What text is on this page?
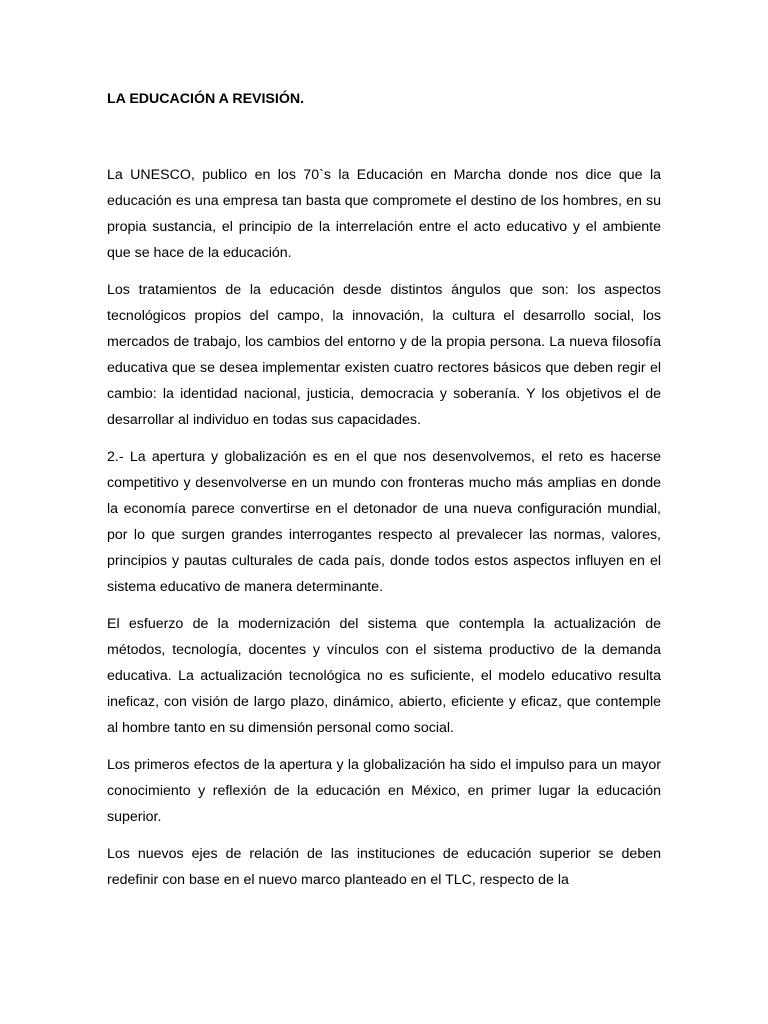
LA EDUCACIÓN A REVISIÓN.

La UNESCO, publico en los 70`s la Educación en Marcha donde nos dice que la educación es una empresa tan basta que compromete el destino de los hombres, en su propia sustancia, el principio de la interrelación entre el acto educativo y el ambiente que se hace de la educación.

Los tratamientos de la educación desde distintos ángulos que son: los aspectos tecnológicos propios del campo, la innovación, la cultura el desarrollo social, los mercados de trabajo, los cambios del entorno y de la propia persona. La nueva filosofía educativa que se desea implementar existen cuatro rectores básicos que deben regir el cambio: la identidad nacional, justicia, democracia y soberanía. Y los objetivos el de desarrollar al individuo en todas sus capacidades.

2.- La apertura y globalización es en el que nos desenvolvemos, el reto es hacerse competitivo y desenvolverse en un mundo con fronteras mucho más amplias en donde la economía parece convertirse en el detonador de una nueva configuración mundial, por lo que surgen grandes interrogantes respecto al prevalecer las normas, valores, principios y pautas culturales de cada país, donde todos estos aspectos influyen en el sistema educativo de manera determinante.

El esfuerzo de la modernización del sistema que contempla la actualización de métodos, tecnología, docentes y vínculos con el sistema productivo de la demanda educativa. La actualización tecnológica no es suficiente, el modelo educativo resulta ineficaz, con visión de largo plazo, dinámico, abierto, eficiente y eficaz, que contemple al hombre tanto en su dimensión personal como social.

Los primeros efectos de la apertura y la globalización ha sido el impulso para un mayor conocimiento y reflexión de la educación en México, en primer lugar la educación superior.

Los nuevos ejes de relación de las instituciones de educación superior se deben redefinir con base en el nuevo marco planteado en el TLC, respecto de la
